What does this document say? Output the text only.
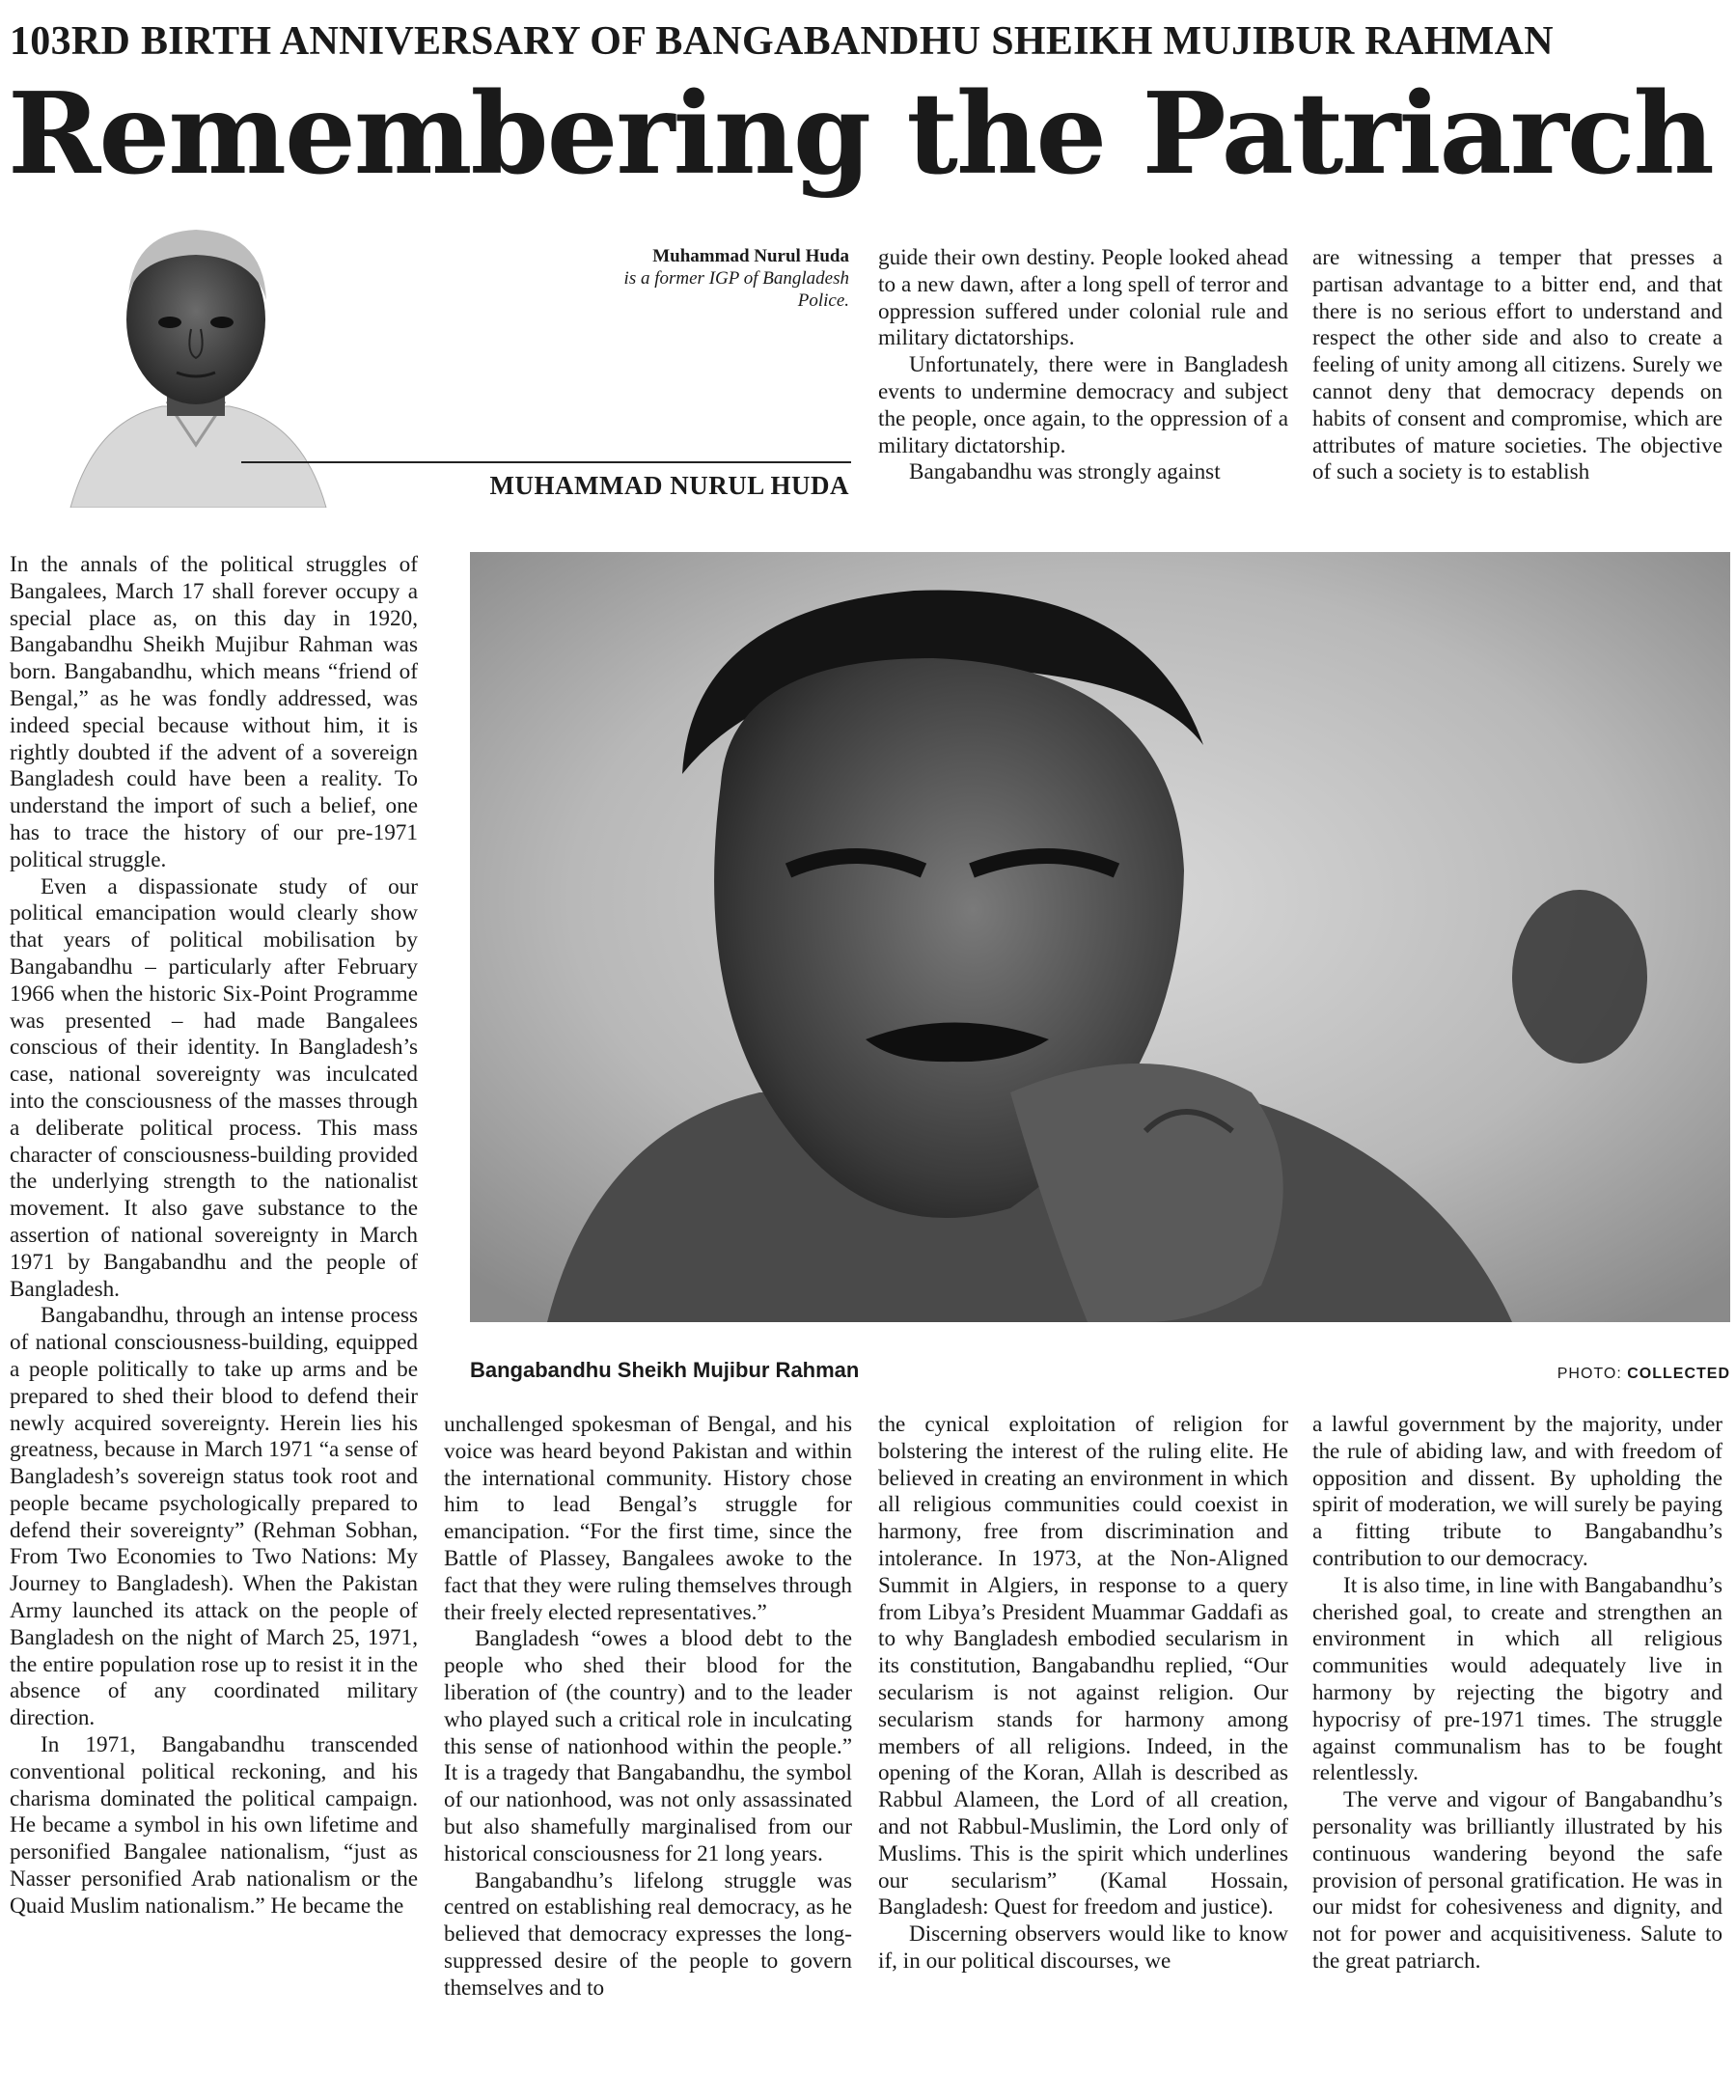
103RD BIRTH ANNIVERSARY OF BANGABANDHU SHEIKH MUJIBUR RAHMAN
Remembering the Patriarch
Muhammad Nurul Huda
is a former IGP of Bangladesh Police.
MUHAMMAD NURUL HUDA

guide their own destiny. People looked ahead to a new dawn, after a long spell of terror and oppression suffered under colonial rule and military dictatorships.

Unfortunately, there were in Bangladesh events to undermine democracy and subject the people, once again, to the oppression of a military dictatorship.

Bangabandhu was strongly against

are witnessing a temper that presses a partisan advantage to a bitter end, and that there is no serious effort to understand and respect the other side and also to create a feeling of unity among all citizens. Surely we cannot deny that democracy depends on habits of consent and compromise, which are attributes of mature societies. The objective of such a society is to establish

Bangabandhu Sheikh Mujibur Rahman	PHOTO: COLLECTED

In the annals of the political struggles of Bangalees, March 17 shall forever occupy a special place as, on this day in 1920, Bangabandhu Sheikh Mujibur Rahman was born. Bangabandhu, which means “friend of Bengal,” as he was fondly addressed, was indeed special because without him, it is rightly doubted if the advent of a sovereign Bangladesh could have been a reality. To understand the import of such a belief, one has to trace the history of our pre-1971 political struggle.

Even a dispassionate study of our political emancipation would clearly show that years of political mobilisation by Bangabandhu – particularly after February 1966 when the historic Six-Point Programme was presented – had made Bangalees conscious of their identity. In Bangladesh’s case, national sovereignty was inculcated into the consciousness of the masses through a deliberate political process. This mass character of consciousness-building provided the underlying strength to the nationalist movement. It also gave substance to the assertion of national sovereignty in March 1971 by Bangabandhu and the people of Bangladesh.

Bangabandhu, through an intense process of national consciousness-building, equipped a people politically to take up arms and be prepared to shed their blood to defend their newly acquired sovereignty. Herein lies his greatness, because in March 1971 “a sense of Bangladesh’s sovereign status took root and people became psychologically prepared to defend their sovereignty” (Rehman Sobhan, From Two Economies to Two Nations: My Journey to Bangladesh). When the Pakistan Army launched its attack on the people of Bangladesh on the night of March 25, 1971, the entire population rose up to resist it in the absence of any coordinated military direction.

In 1971, Bangabandhu transcended conventional political reckoning, and his charisma dominated the political campaign. He became a symbol in his own lifetime and personified Bangalee nationalism, “just as Nasser personified Arab nationalism or the Quaid Muslim nationalism.” He became the

unchallenged spokesman of Bengal, and his voice was heard beyond Pakistan and within the international community. History chose him to lead Bengal’s struggle for emancipation. “For the first time, since the Battle of Plassey, Bangalees awoke to the fact that they were ruling themselves through their freely elected representatives.”

Bangladesh “owes a blood debt to the people who shed their blood for the liberation of (the country) and to the leader who played such a critical role in inculcating this sense of nationhood within the people.” It is a tragedy that Bangabandhu, the symbol of our nationhood, was not only assassinated but also shamefully marginalised from our historical consciousness for 21 long years.

Bangabandhu’s lifelong struggle was centred on establishing real democracy, as he believed that democracy expresses the long-suppressed desire of the people to govern themselves and to

the cynical exploitation of religion for bolstering the interest of the ruling elite. He believed in creating an environment in which all religious communities could coexist in harmony, free from discrimination and intolerance. In 1973, at the Non-Aligned Summit in Algiers, in response to a query from Libya’s President Muammar Gaddafi as to why Bangladesh embodied secularism in its constitution, Bangabandhu replied, “Our secularism is not against religion. Our secularism stands for harmony among members of all religions. Indeed, in the opening of the Koran, Allah is described as Rabbul Alameen, the Lord of all creation, and not Rabbul-Muslimin, the Lord only of Muslims. This is the spirit which underlines our secularism” (Kamal Hossain, Bangladesh: Quest for freedom and justice).

Discerning observers would like to know if, in our political discourses, we

a lawful government by the majority, under the rule of abiding law, and with freedom of opposition and dissent. By upholding the spirit of moderation, we will surely be paying a fitting tribute to Bangabandhu’s contribution to our democracy.

It is also time, in line with Bangabandhu’s cherished goal, to create and strengthen an environment in which all religious communities would adequately live in harmony by rejecting the bigotry and hypocrisy of pre-1971 times. The struggle against communalism has to be fought relentlessly.

The verve and vigour of Bangabandhu’s personality was brilliantly illustrated by his continuous wandering beyond the safe provision of personal gratification. He was in our midst for cohesiveness and dignity, and not for power and acquisitiveness. Salute to the great patriarch.
